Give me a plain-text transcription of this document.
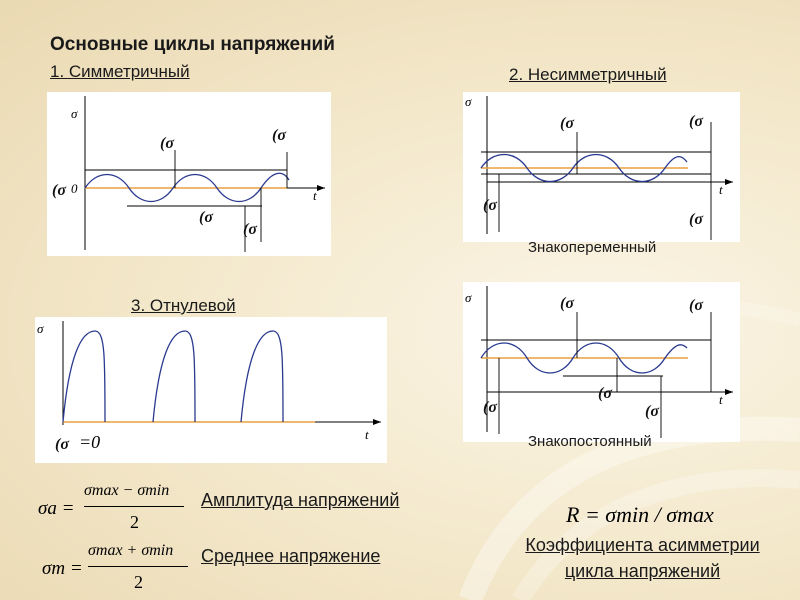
Основные циклы напряжений
1. Симметричный
(σ	(σ
(σ
(σ
σ
t
(σ 0
2. Несимметричный
(σ	(σ
(σ
(σ
σ
t
Знакопеременный
3. Отнулевой
σ
t
(σ =0
(σ	(σ
(σ
(σ
(σ
σ
t
Знакопостоянный
σa =
σmax − σmin
2
Амплитуда напряжений
σm =
σmax + σmin
2
Среднее напряжение
R = σmin / σmax
Коэффициента асимметрии
цикла напряжений
